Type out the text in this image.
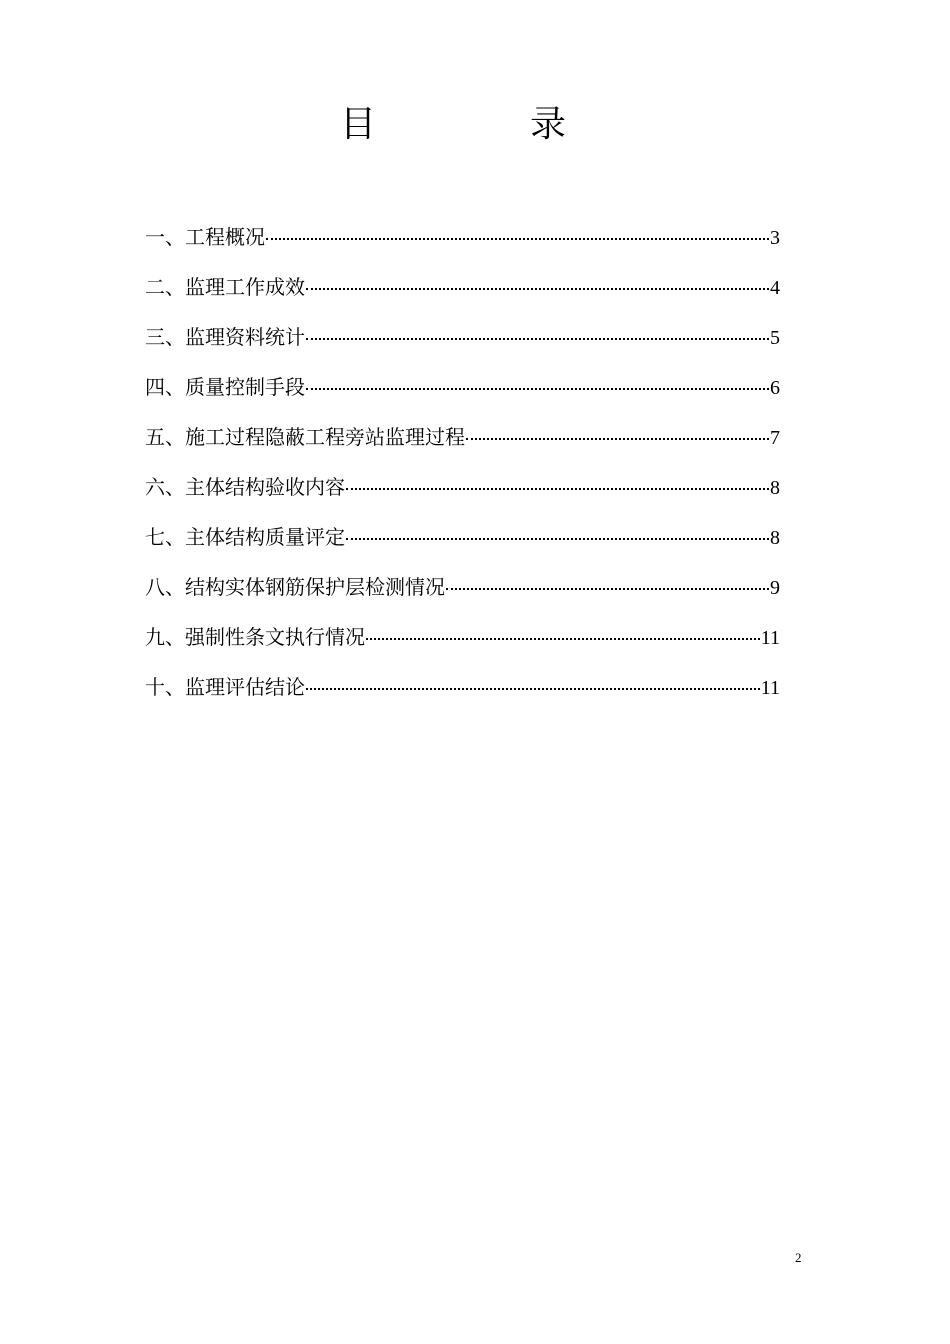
目	录
一、工程概况	3
二、监理工作成效	4
三、监理资料统计	5
四、质量控制手段	6
五、施工过程隐蔽工程旁站监理过程	7
六、主体结构验收内容	8
七、主体结构质量评定	8
八、结构实体钢筋保护层检测情况	9
九、强制性条文执行情况	11
十、监理评估结论	11
2
